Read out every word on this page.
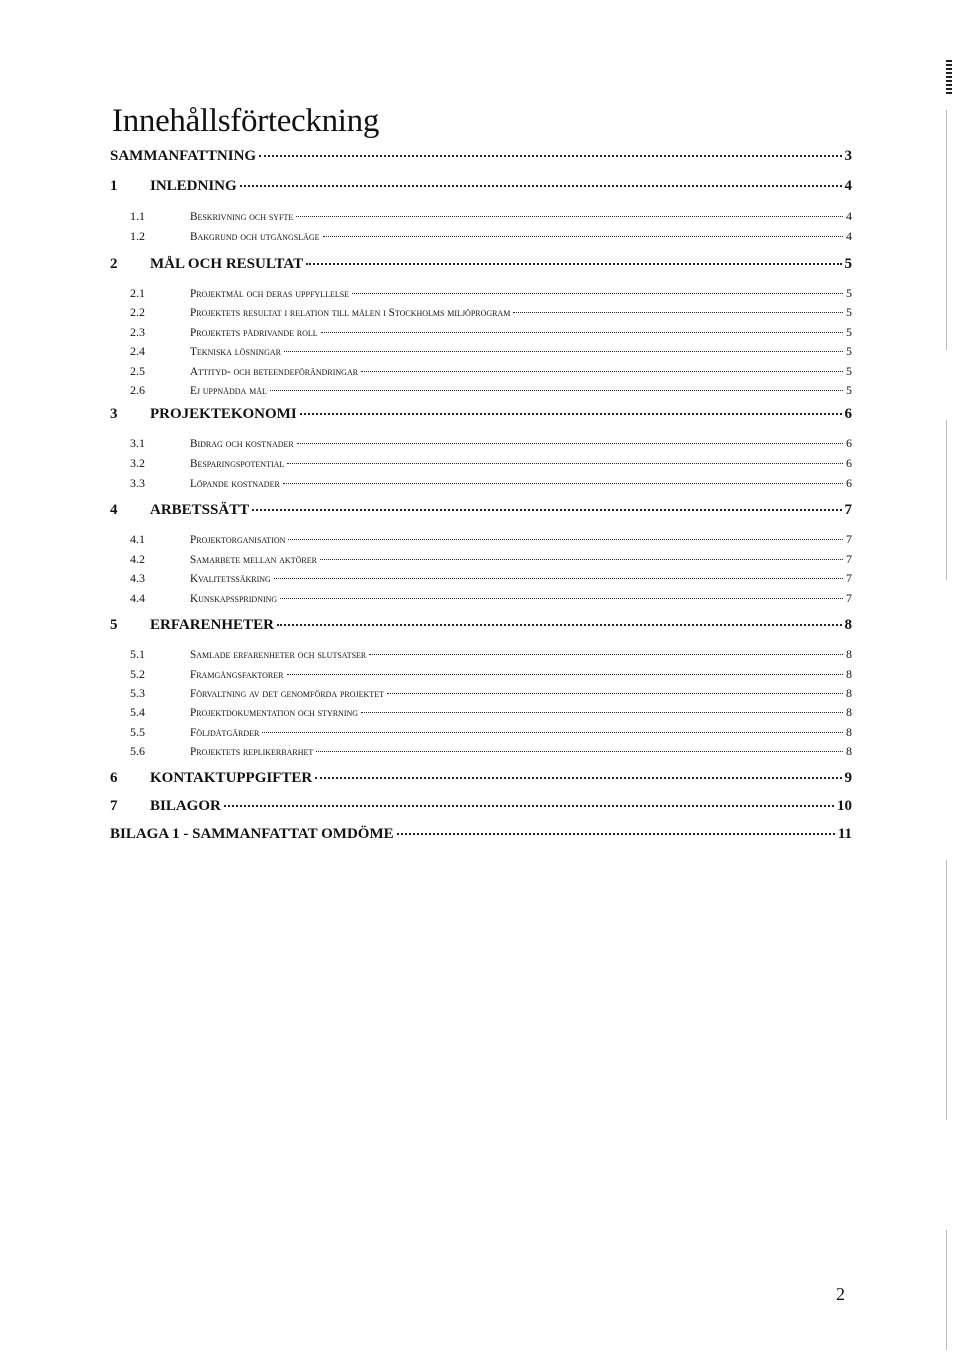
Innehållsförteckning
SAMMANFATTNING	3
1	INLEDNING	4
1.1	Beskrivning och syfte	4
1.2	Bakgrund och utgångsläge	4
2	MÅL OCH RESULTAT	5
2.1	Projektmål och deras uppfyllelse	5
2.2	Projektets resultat i relation till målen i Stockholms miljöprogram	5
2.3	Projektets pådrivande roll	5
2.4	Tekniska lösningar	5
2.5	Attityd- och beteendeförändringar	5
2.6	Ej uppnådda mål	5
3	PROJEKTEKONOMI	6
3.1	Bidrag och kostnader	6
3.2	Besparingspotential	6
3.3	Löpande kostnader	6
4	ARBETSSÄTT	7
4.1	Projektorganisation	7
4.2	Samarbete mellan aktörer	7
4.3	Kvalitetssäkring	7
4.4	Kunskapsspridning	7
5	ERFARENHETER	8
5.1	Samlade erfarenheter och slutsatser	8
5.2	Framgångsfaktorer	8
5.3	Förvaltning av det genomförda projektet	8
5.4	Projektdokumentation och styrning	8
5.5	Följdåtgärder	8
5.6	Projektets replikerbarhet	8
6	KONTAKTUPPGIFTER	9
7	BILAGOR	10
BILAGA 1 - SAMMANFATTAT OMDÖME	11
2
